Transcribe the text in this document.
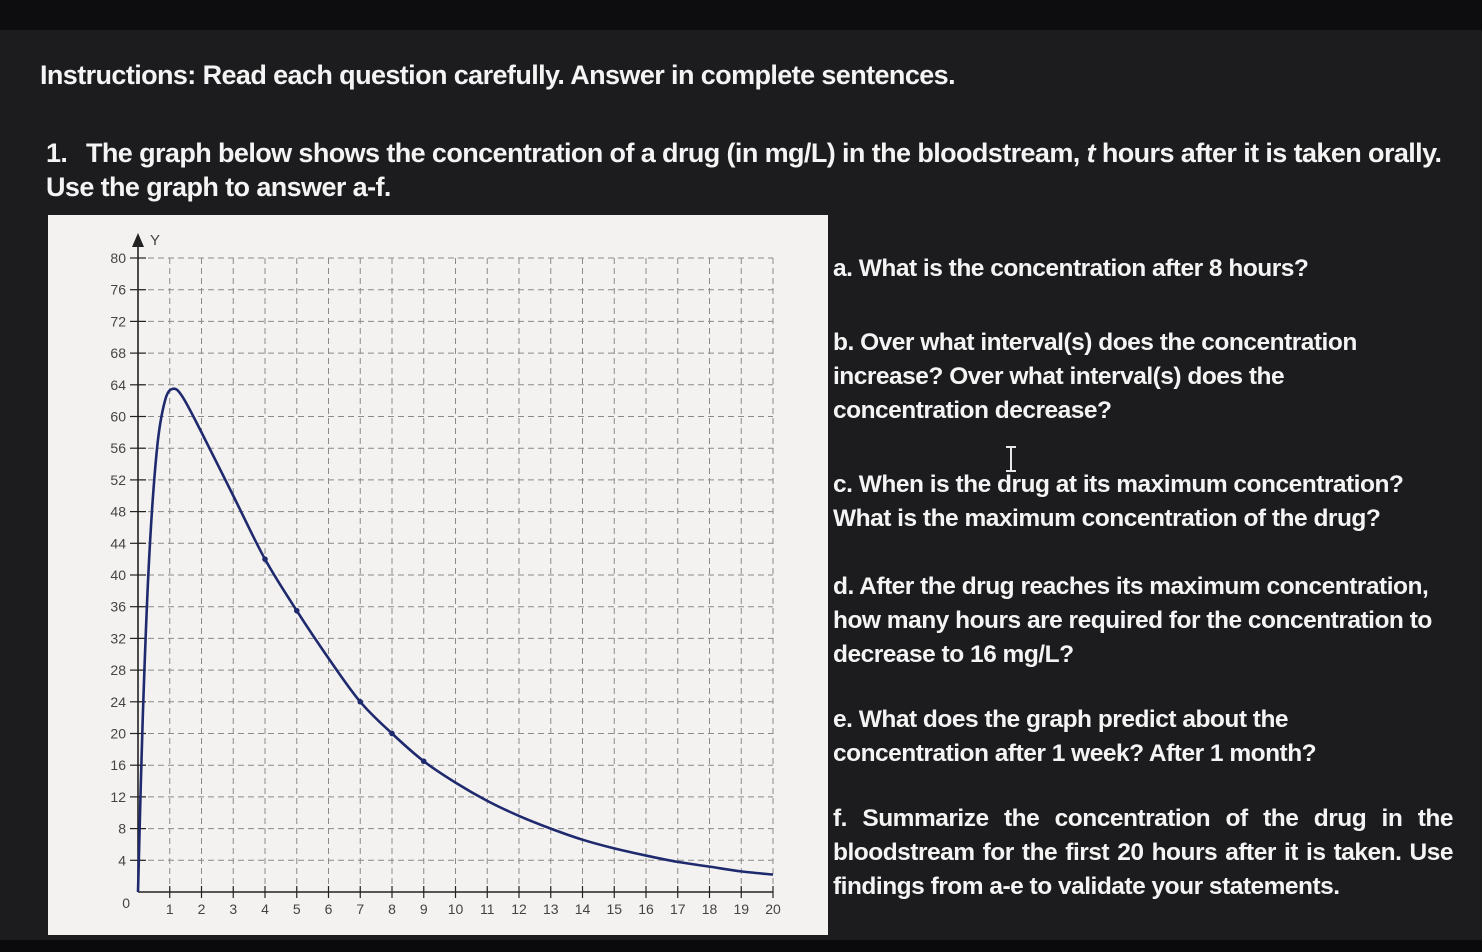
Instructions: Read each question carefully. Answer in complete sentences.
1. The graph below shows the concentration of a drug (in mg/L) in the bloodstream, t hours after it is taken orally. Use the graph to answer a-f.
4
8
12
16
20
24
28
32
36
40
44
48
52
56
60
64
68
72
76
80
1 2 3 4 5 6 7 8 9 10 11 12 13 14 15 16 17 18 19 20
0
Y
a. What is the concentration after 8 hours?
b. Over what interval(s) does the concentration increase? Over what interval(s) does the concentration decrease?
c. When is the drug at its maximum concentration? What is the maximum concentration of the drug?
d. After the drug reaches its maximum concentration, how many hours are required for the concentration to decrease to 16 mg/L?
e. What does the graph predict about the concentration after 1 week? After 1 month?
f. Summarize the concentration of the drug in the bloodstream for the first 20 hours after it is taken. Use findings from a-e to validate your statements.
